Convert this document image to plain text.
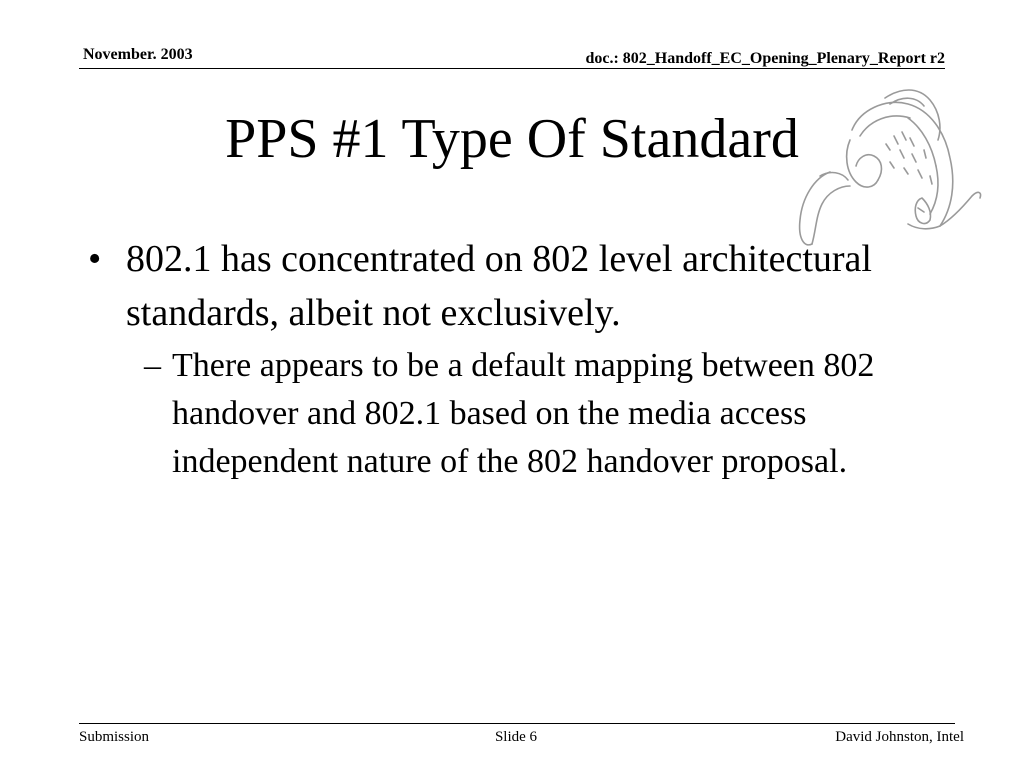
November. 2003	doc.: 802_Handoff_EC_Opening_Plenary_Report r2
PPS #1 Type Of Standard
• 802.1 has concentrated on 802 level architectural standards, albeit not exclusively.
– There appears to be a default mapping between 802 handover and 802.1 based on the media access independent nature of the 802 handover proposal.
Submission	Slide 6	David Johnston, Intel
